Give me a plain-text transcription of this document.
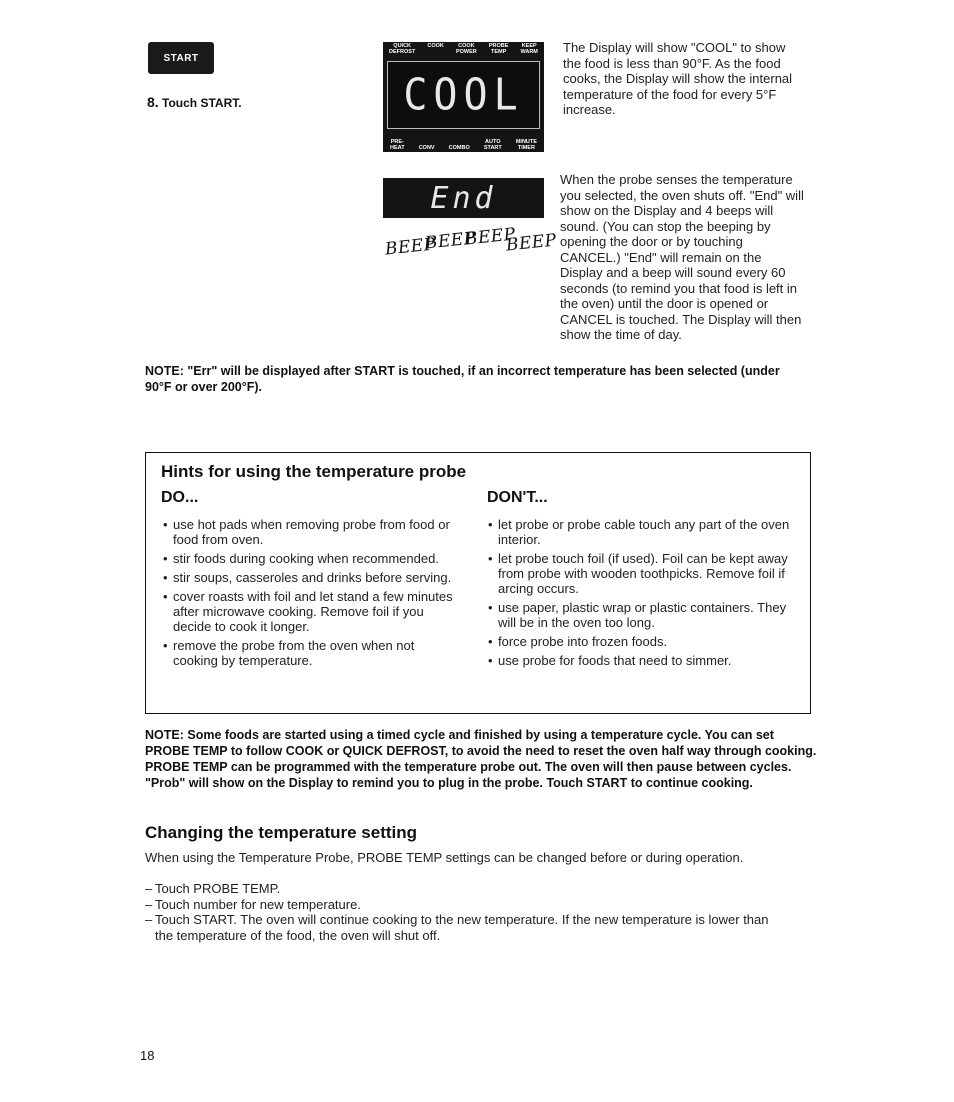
START
8. Touch START.
QUICK
DEFROST
COOK	COOK
POWER
PROBE
TEMP
KEEP
WARM
COOL
PRE-
HEAT	CONV	COMBO
AUTO
START
MINUTE
TIMER
The Display will show "COOL" to show the food is less than 90°F. As the food cooks, the Display will show the internal temperature of the food for every 5°F increase.
End
BEEP
BEEP
BEEP
BEEP
When the probe senses the temperature you selected, the oven shuts off. "End" will show on the Display and 4 beeps will sound. (You can stop the beeping by opening the door or by touching CANCEL.) "End" will remain on the Display and a beep will sound every 60 seconds (to remind you that food is left in the oven) until the door is opened or CANCEL is touched. The Display will then show the time of day.
NOTE: "Err" will be displayed after START is touched, if an incorrect temperature has been selected (under 90°F or over 200°F).
Hints for using the temperature probe
DO...	DON'T...
• use hot pads when removing probe from food or food from oven.
• stir foods during cooking when recommended.
• stir soups, casseroles and drinks before serving.
• cover roasts with foil and let stand a few minutes after microwave cooking. Remove foil if you decide to cook it longer.
• remove the probe from the oven when not cooking by temperature.
• let probe or probe cable touch any part of the oven interior.
• let probe touch foil (if used). Foil can be kept away from probe with wooden toothpicks. Remove foil if arcing occurs.
• use paper, plastic wrap or plastic containers. They will be in the oven too long.
• force probe into frozen foods.
• use probe for foods that need to simmer.
NOTE: Some foods are started using a timed cycle and finished by using a temperature cycle. You can set PROBE TEMP to follow COOK or QUICK DEFROST, to avoid the need to reset the oven half way through cooking. PROBE TEMP can be programmed with the temperature probe out. The oven will then pause between cycles. "Prob" will show on the Display to remind you to plug in the probe. Touch START to continue cooking.
Changing the temperature setting
When using the Temperature Probe, PROBE TEMP settings can be changed before or during operation.
– Touch PROBE TEMP.
– Touch number for new temperature.
– Touch START. The oven will continue cooking to the new temperature. If the new temperature is lower than the temperature of the food, the oven will shut off.
18
